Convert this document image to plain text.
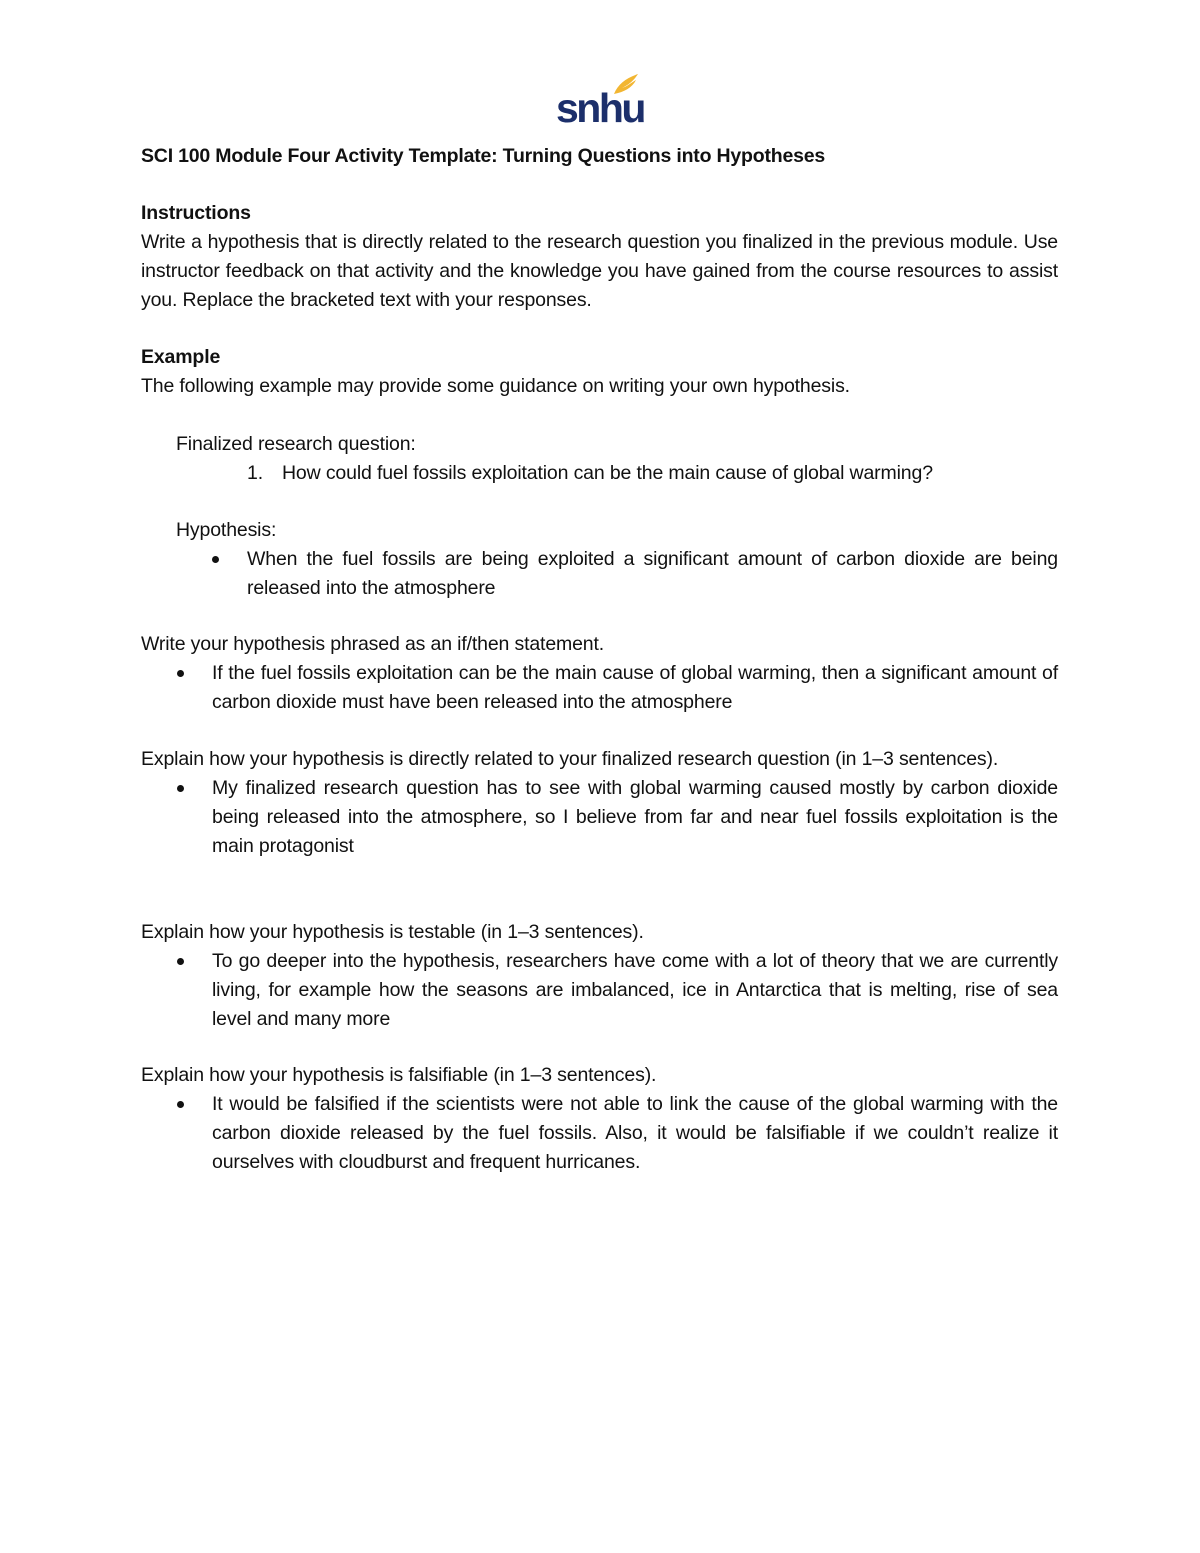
snhu
SCI 100 Module Four Activity Template: Turning Questions into Hypotheses
Instructions
Write a hypothesis that is directly related to the research question you finalized in the previous module. Use instructor feedback on that activity and the knowledge you have gained from the course resources to assist you. Replace the bracketed text with your responses.
Example
The following example may provide some guidance on writing your own hypothesis.
Finalized research question:
1. How could fuel fossils exploitation can be the main cause of global warming?
Hypothesis:
When the fuel fossils are being exploited a significant amount of carbon dioxide are being released into the atmosphere
Write your hypothesis phrased as an if/then statement.
If the fuel fossils exploitation can be the main cause of global warming, then a significant amount of carbon dioxide must have been released into the atmosphere
Explain how your hypothesis is directly related to your finalized research question (in 1–3 sentences).
My finalized research question has to see with global warming caused mostly by carbon dioxide being released into the atmosphere, so I believe from far and near fuel fossils exploitation is the main protagonist
Explain how your hypothesis is testable (in 1–3 sentences).
To go deeper into the hypothesis, researchers have come with a lot of theory that we are currently living, for example how the seasons are imbalanced, ice in Antarctica that is melting, rise of sea level and many more
Explain how your hypothesis is falsifiable (in 1–3 sentences).
It would be falsified if the scientists were not able to link the cause of the global warming with the carbon dioxide released by the fuel fossils. Also, it would be falsifiable if we couldn’t realize it ourselves with cloudburst and frequent hurricanes.
